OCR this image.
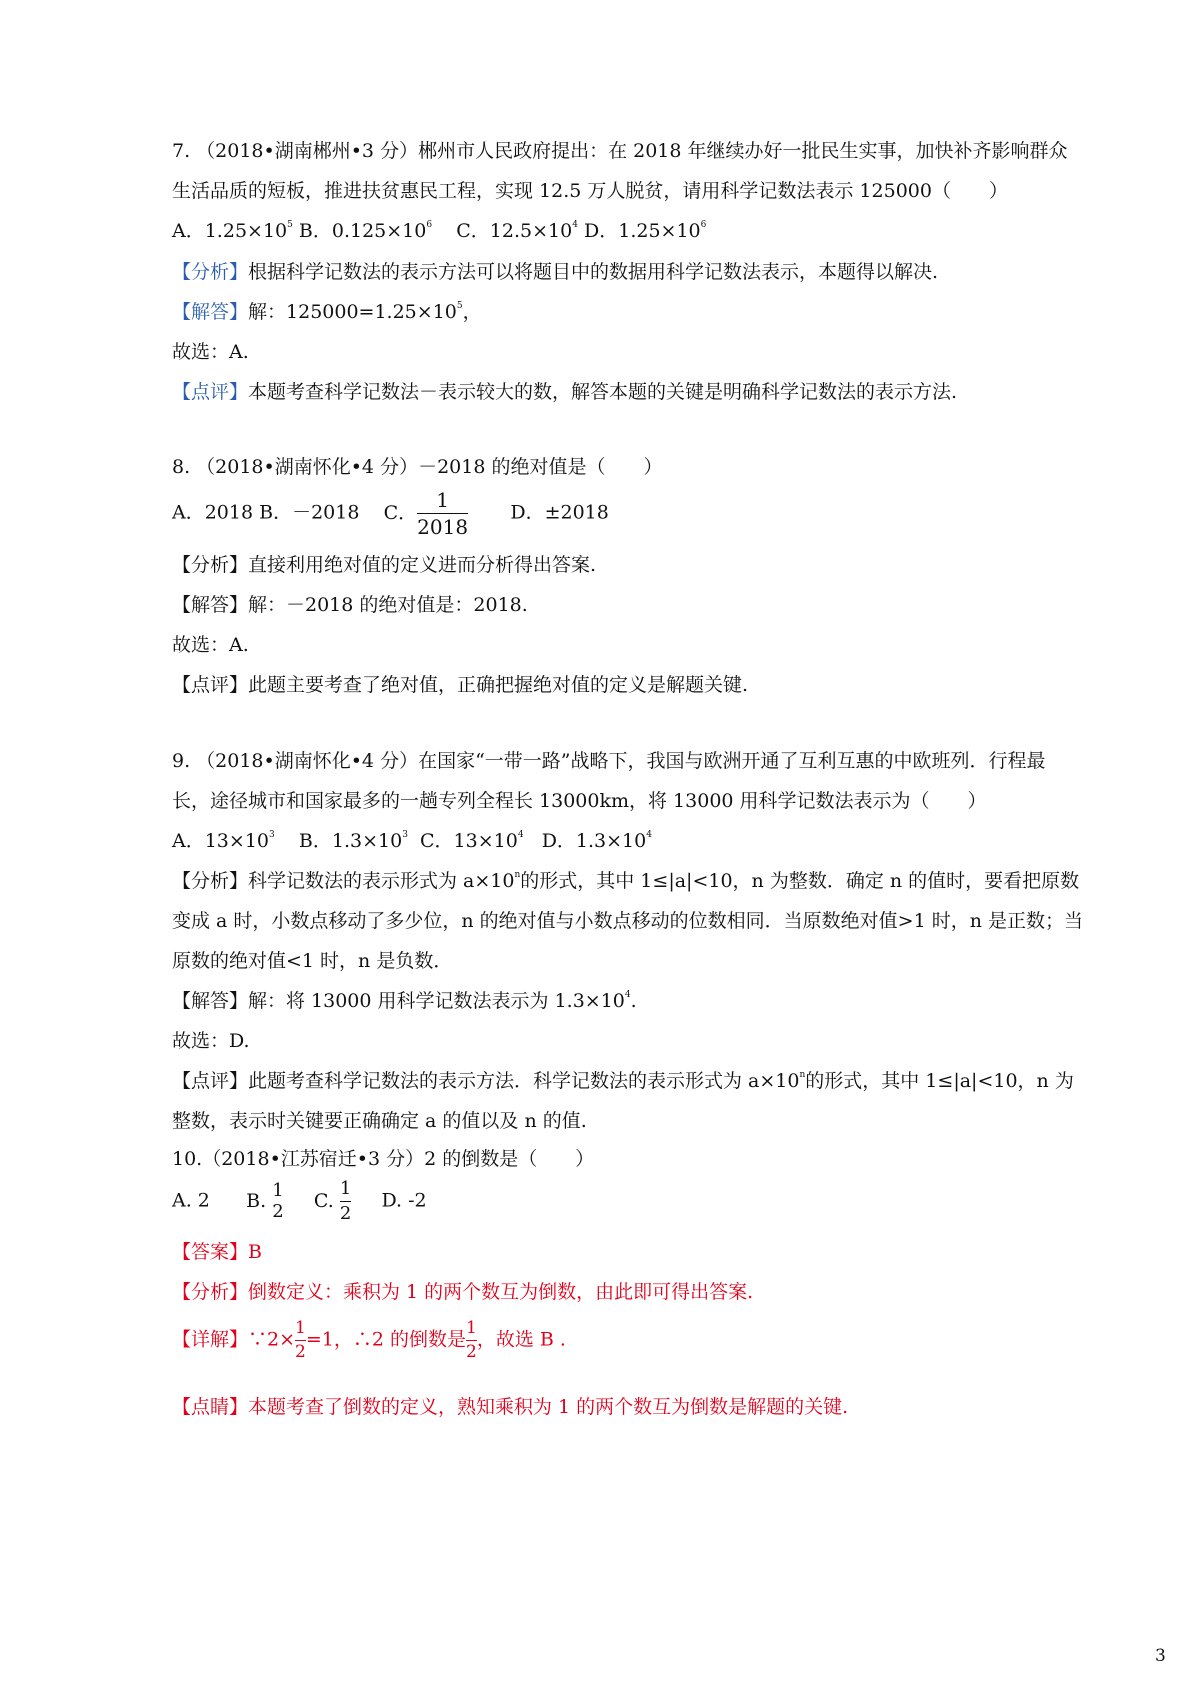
7. （2018•湖南郴州•3 分）郴州市人民政府提出：在 2018 年继续办好一批民生实事，加快补齐影响群众
生活品质的短板，推进扶贫惠民工程，实现 12.5 万人脱贫，请用科学记数法表示 125000（　　）
A．$1.25\times 10^5$ B．$0.125\times 10^6$ C．$12.5\times 10^4$ D．$1.25\times 10^6$
【分析】根据科学记数法的表示方法可以将题目中的数据用科学记数法表示，本题得以解决.
【解答】解：$125000=1.25\times 10^5$，
故选：A.
【点评】本题考查科学记数法－表示较大的数，解答本题的关键是明确科学记数法的表示方法.
8. （2018•湖南怀化•4 分）－2018 的绝对值是（　　）
A．2018 B．－2018 C． $\frac{1}{2018}$ D．±2018
【分析】直接利用绝对值的定义进而分析得出答案.
【解答】解：－2018 的绝对值是：2018.
故选：A.
【点评】此题主要考查了绝对值，正确把握绝对值的定义是解题关键.
9. （2018•湖南怀化•4 分）在国家“一带一路”战略下，我国与欧洲开通了互利互惠的中欧班列．行程最
长，途径城市和国家最多的一趟专列全程长 13000km，将 13000 用科学记数法表示为（　　）
A．$13\times 10^3$ B．$1.3\times 10^3$ C．$13\times 10^4$ D．$1.3\times 10^4$
【分析】科学记数法的表示形式为 $a\times 10^n$的形式，其中 1≤|a|<10，n 为整数．确定 n 的值时，要看把原数
变成 a 时，小数点移动了多少位，n 的绝对值与小数点移动的位数相同．当原数绝对值>1 时，n 是正数；当
原数的绝对值<1 时，n 是负数．
【解答】解：将 13000 用科学记数法表示为 $1.3\times 10^4$.
故选：D.
【点评】此题考查科学记数法的表示方法．科学记数法的表示形式为 $a\times 10^n$的形式，其中 1≤|a|<10，n 为
整数，表示时关键要正确确定 a 的值以及 n 的值.
10.（2018•江苏宿迁•3 分）2 的倒数是（　　）
A. 2 B. 1
2 C. $\frac{1}{2} D$. -2
【答案】B
【分析】倒数定义：乘积为 1 的两个数互为倒数，由此即可得出答案.
【详解】∵2× $\frac{1}{2} =1$，∴2 的倒数是 $\frac{1}{2}$ ，故选 B .
【点睛】本题考查了倒数的定义，熟知乘积为 1 的两个数互为倒数是解题的关键.
3
